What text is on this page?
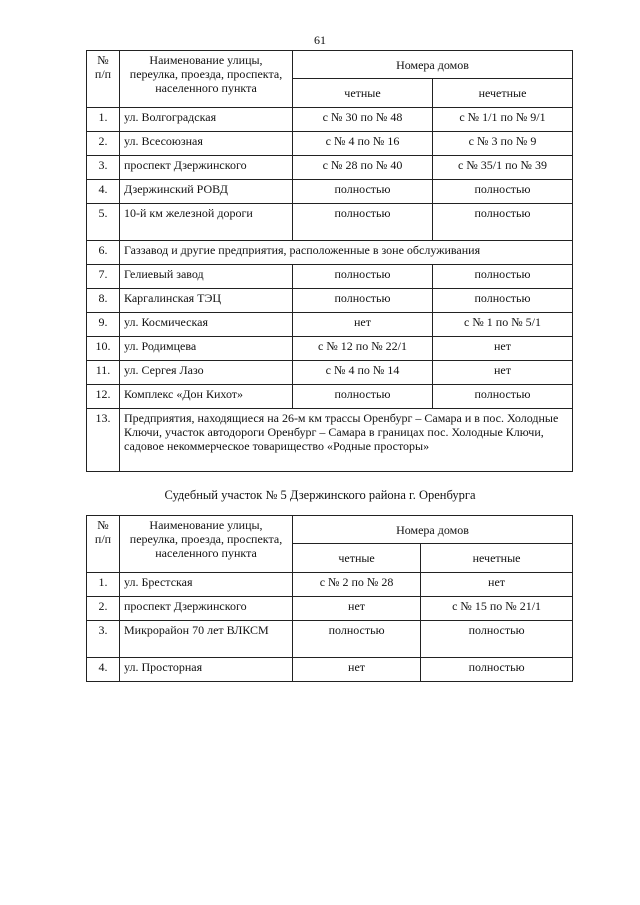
61
№ п/п	Наименование улицы, переулка, проезда, проспекта, населенного пункта	Номера домов	
		четные	нечетные
1.	ул. Волгоградская	с № 30 по № 48	с № 1/1 по № 9/1
2.	ул. Всесоюзная	с № 4 по № 16	с № 3 по № 9
3.	проспект Дзержинского	с № 28 по № 40	с № 35/1 по № 39
4.	Дзержинский РОВД	полностью	полностью
5.	10-й км железной дороги	полностью	полностью
6.	Газзавод и другие предприятия, расположенные в зоне обслуживания		
7.	Гелиевый завод	полностью	полностью
8.	Каргалинская ТЭЦ	полностью	полностью
9.	ул. Космическая	нет	с № 1 по № 5/1
10.	ул. Родимцева	с № 12 по № 22/1	нет
11.	ул. Сергея Лазо	с № 4 по № 14	нет
12.	Комплекс «Дон Кихот»	полностью	полностью
13.	Предприятия, находящиеся на 26-м км трассы Оренбург – Самара и в пос. Холодные Ключи, участок автодороги Оренбург – Самара в границах пос. Холодные Ключи, садовое некоммерческое товарищество «Родные просторы»		
Судебный участок № 5 Дзержинского района г. Оренбурга
№ п/п	Наименование улицы, переулка, проезда, проспекта, населенного пункта	Номера домов	
		четные	нечетные
1.	ул. Брестская	с № 2 по № 28	нет
2.	проспект Дзержинского	нет	с № 15 по № 21/1
3.	Микрорайон 70 лет ВЛКСМ	полностью	полностью
4.	ул. Просторная	нет	полностью
